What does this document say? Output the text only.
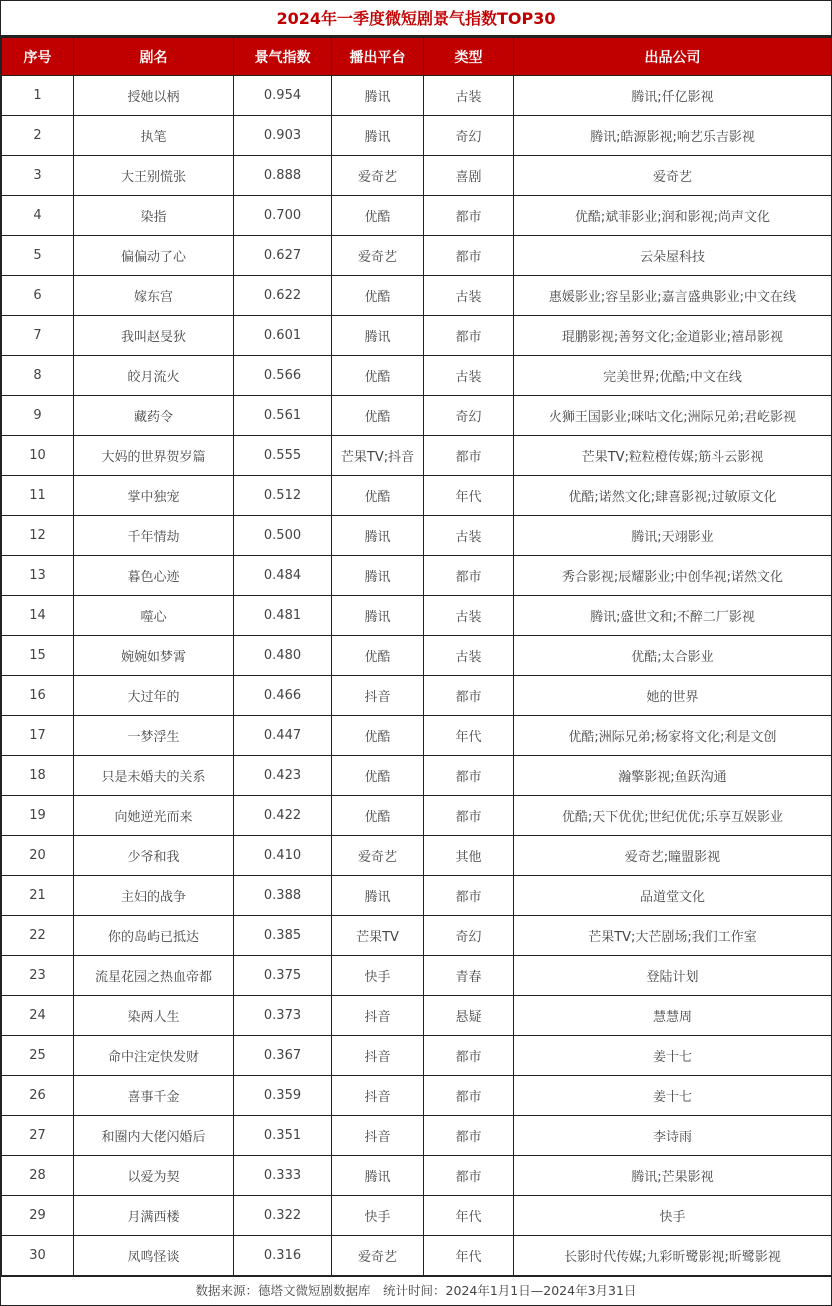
2024年一季度微短剧景气指数TOP30
序号	剧名	景气指数	播出平台	类型	出品公司
1	授她以柄	0.954	腾讯	古装	腾讯;仟亿影视
2	执笔	0.903	腾讯	奇幻	腾讯;皓源影视;响艺乐吉影视
3	大王别慌张	0.888	爱奇艺	喜剧	爱奇艺
4	染指	0.700	优酷	都市	优酷;斌菲影业;润和影视;尚声文化
5	偏偏动了心	0.627	爱奇艺	都市	云朵屋科技
6	嫁东宫	0.622	优酷	古装	惠媛影业;容呈影业;嘉言盛典影业;中文在线
7	我叫赵旻狄	0.601	腾讯	都市	琨鹏影视;善努文化;金道影业;禧昂影视
8	皎月流火	0.566	优酷	古装	完美世界;优酷;中文在线
9	藏药令	0.561	优酷	奇幻	火狮王国影业;咪咕文化;洲际兄弟;君屹影视
10	大妈的世界贺岁篇	0.555	芒果TV;抖音	都市	芒果TV;粒粒橙传媒;筋斗云影视
11	掌中独宠	0.512	优酷	年代	优酷;诺然文化;肆喜影视;过敏原文化
12	千年情劫	0.500	腾讯	古装	腾讯;天翊影业
13	暮色心迹	0.484	腾讯	都市	秀合影视;辰耀影业;中创华视;诺然文化
14	噬心	0.481	腾讯	古装	腾讯;盛世文和;不醉二厂影视
15	婉婉如梦霄	0.480	优酷	古装	优酷;太合影业
16	大过年的	0.466	抖音	都市	她的世界
17	一梦浮生	0.447	优酷	年代	优酷;洲际兄弟;杨家将文化;利是文创
18	只是未婚夫的关系	0.423	优酷	都市	瀚擎影视;鱼跃沟通
19	向她逆光而来	0.422	优酷	都市	优酷;天下优优;世纪优优;乐享互娱影业
20	少爷和我	0.410	爱奇艺	其他	爱奇艺;瞳盟影视
21	主妇的战争	0.388	腾讯	都市	品道堂文化
22	你的岛屿已抵达	0.385	芒果TV	奇幻	芒果TV;大芒剧场;我们工作室
23	流星花园之热血帝都	0.375	快手	青春	登陆计划
24	染两人生	0.373	抖音	悬疑	慧慧周
25	命中注定快发财	0.367	抖音	都市	姜十七
26	喜事千金	0.359	抖音	都市	姜十七
27	和圈内大佬闪婚后	0.351	抖音	都市	李诗雨
28	以爱为契	0.333	腾讯	都市	腾讯;芒果影视
29	月满西楼	0.322	快手	年代	快手
30	凤鸣怪谈	0.316	爱奇艺	年代	长影时代传媒;九彩昕鹭影视;昕鹭影视
数据来源：德塔文微短剧数据库　统计时间：2024年1月1日—2024年3月31日
